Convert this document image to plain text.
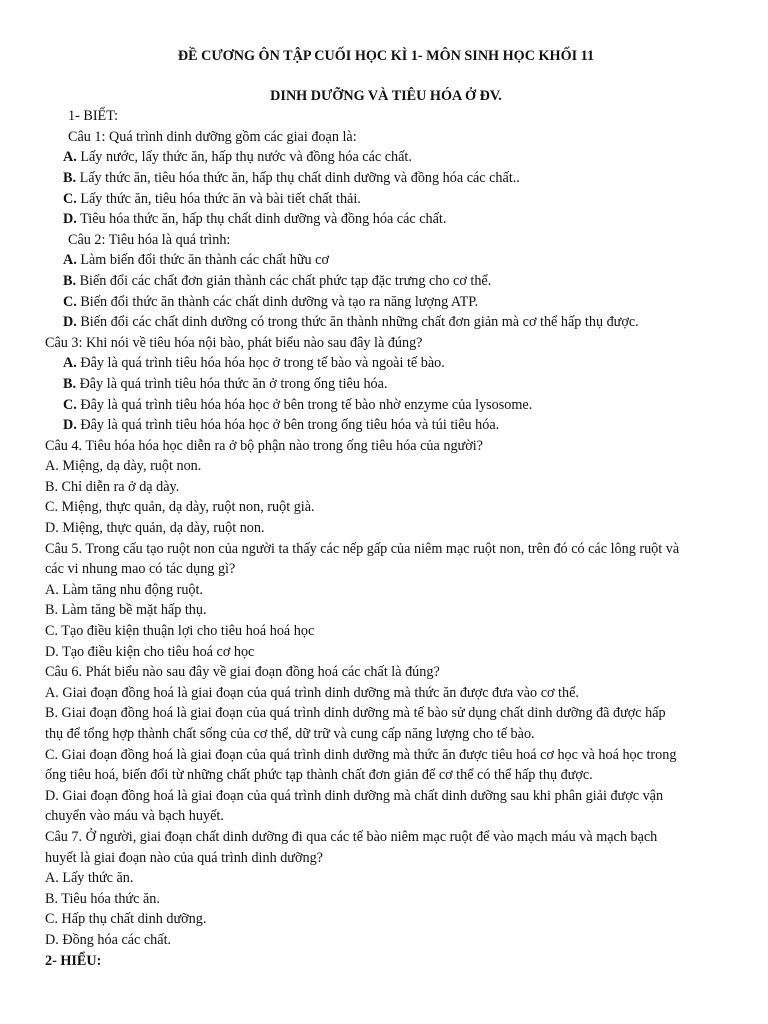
ĐỀ CƯƠNG ÔN TẬP CUỐI HỌC KÌ 1- MÔN SINH HỌC KHỐI 11

DINH DƯỠNG VÀ TIÊU HÓA Ở ĐV.

1- BIẾT:

Câu 1: Quá trình dinh dưỡng gồm các giai đoạn là:

A. Lấy nước, lấy thức ăn, hấp thụ nước và đồng hóa các chất.

B. Lấy thức ăn, tiêu hóa thức ăn, hấp thụ chất dinh dưỡng và đồng hóa các chất..

C. Lấy thức ăn, tiêu hóa thức ăn và bài tiết chất thải.

D. Tiêu hóa thức ăn, hấp thụ chất dinh dưỡng và đồng hóa các chất.

Câu 2: Tiêu hóa là quá trình:

A. Làm biến đổi thức ăn thành các chất hữu cơ

B. Biến đổi các chất đơn giản thành các chất phức tạp đặc trưng cho cơ thể.

C. Biến đổi thức ăn thành các chất dinh dưỡng và tạo ra năng lượng ATP.

D. Biến đổi các chất dinh dưỡng có trong thức ăn thành những chất đơn giản mà cơ thể hấp thụ được.

Câu 3: Khi nói về tiêu hóa nội bào, phát biểu nào sau đây là đúng?

A. Đây là quá trình tiêu hóa hóa học ở trong tế bào và ngoài tế bào.

B. Đây là quá trình tiêu hóa thức ăn ở trong ống tiêu hóa.

C. Đây là quá trình tiêu hóa hóa học ở bên trong tế bào nhờ enzyme của lysosome.

D. Đây là quá trình tiêu hóa hóa học ở bên trong ống tiêu hóa và túi tiêu hóa.

Câu 4. Tiêu hóa hóa học diễn ra ở bộ phận nào trong ống tiêu hóa của người?

A. Miệng, dạ dày, ruột non.

B. Chỉ diễn ra ở dạ dày.

C. Miệng, thực quản, dạ dày, ruột non, ruột già.

D. Miệng, thực quản, dạ dày, ruột non.

Câu 5. Trong cấu tạo ruột non của người ta thấy các nếp gấp của niêm mạc ruột non, trên đó có các lông ruột và

các vi nhung mao có tác dụng gì?

A. Làm tăng nhu động ruột.

B. Làm tăng bề mặt hấp thụ.

C. Tạo điều kiện thuận lợi cho tiêu hoá hoá học

D. Tạo điều kiện cho tiêu hoá cơ học

Câu 6. Phát biểu nào sau đây về giai đoạn đồng hoá các chất là đúng?

A. Giai đoạn đồng hoá là giai đoạn của quá trình dinh dưỡng mà thức ăn được đưa vào cơ thể.

B. Giai đoạn đồng hoá là giai đoạn của quá trình dinh dưỡng mà tế bào sử dụng chất dinh dưỡng đã được hấp

thụ để tổng hợp thành chất sống của cơ thể, dữ trữ và cung cấp năng lượng cho tế bào.

C. Giai đoạn đồng hoá là giai đoạn của quá trình dinh dưỡng mà thức ăn được tiêu hoá cơ học và hoá học trong

ống tiêu hoá, biến đổi từ những chất phức tạp thành chất đơn giản để cơ thể có thể hấp thụ được.

D. Giai đoạn đồng hoá là giai đoạn của quá trình dinh dưỡng mà chất dinh dưỡng sau khi phân giải được vận

chuyển vào máu và bạch huyết.

Câu 7. Ở người, giai đoạn chất dinh dưỡng đi qua các tế bào niêm mạc ruột để vào mạch máu và mạch bạch

huyết là giai đoạn nào của quá trình dinh dưỡng?

A. Lấy thức ăn.

B. Tiêu hóa thức ăn.

C. Hấp thụ chất dinh dưỡng.

D. Đồng hóa các chất.

2- HIỂU:
